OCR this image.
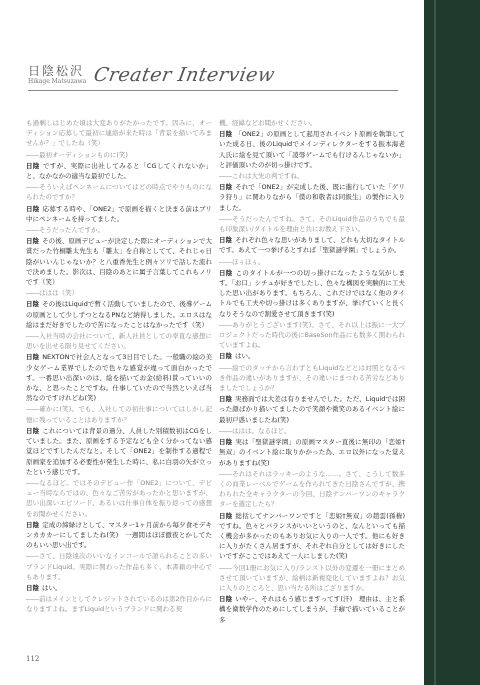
日陰松沢
Hikage Matsuzawa Creater Interview

も過剰しはじめた頃は大変ありがたかったです。因みに、オーディション応募して最初に連絡が来た時は「背景を描いてみませんか？」でしたね（笑）

――最初オーディションものに(笑)

日陰 ですが、実際に出社してみると「CGしてくれないか」と、なかなかの適当な最初でした。

――そういえばペンネームについてはどの時点でやりものになられたのですか？

日陰 応募する時や、「ONE2」で原画を描くと決まる前はブリ中にペンネームを持ってました。

――そうだったんですか。

日陰 その後、原画デビューが決定した際にオーディションで大賞だった竹桐雛太先生も「雛太」を自称としてて、それじゃ日陰がいいんじゃないか？と八重香先生と例々ソリで話した流れで決めました。影次は、目陰のあとに属子言葉してこれもノリです（笑）

――ははは（笑）

日陰 その後はLiquidで暫く活動していましたので、後導ゲームの原画として少しずつとなるPNなど納得しました。エロスはな絵はまだ好きでしたので苦になったことはなかったです（笑）

――入社当時の会社について、新人社員としての率直な感想に思いを出せる限り見せてください。

日陰 NEXTONで社会人となって3日目でした。一般職の絵の美少女ゲーム業界でしたので色々な感覚が違って面白かったです。一番思い出深いのは、絵を描いてお金(給料)貰っていいのかな、と思ったことですね。仕事していたので当然といえば当然なのですけれどね(笑)

――確かに(笑)。でも、入社しての初仕事についてはしかし記憶に残っていることはありますか？

日陰 これについては背景の過分、人員した別積数初はCGをしていました。また、原画をする予定なども全く分かってない感覚ほどですしたんだなと。そして「ONE2」を制作する過程で原画家を追加する必要性が発生した時に、私に白羽の矢が立ったという感じです。

――なるほど。ではそのデビュー作「ONE2」について、デビュー当時ならではの、色々なご苦労があったかと思いますが、思い出深いエピソード、あるいは仕事自体を振り返っての感想をお聞かせください。

日陰 定成の締緑けとして、マスター1ヶ月前から毎夕食モデキンカカカーにしてましたね(笑)　一週間はほぼ徹夜とかしてたのもいい思い出です。

――さて、日陰達次のいいなインコールで語られることの多いブランドLiquid。実際に関わった作品も多く、本書籍の中心でもあります。

日陰 はい。

――前はメインとしてクレジットされているのは第2作目からになりますよね。まずLiquidというブランドに関わる契

機、経緯などお聞かせください。

日陰 「ONE2」の原画として起用されイベント原画を執筆していた成る日、後のLiquidでメインディレクターをする振本海老人氏に絵を見て頂いて「凌辱ゲームでも行けるんじゃないか」と評価頂いたのが切っ掛けです。

――これは大先の判ですね。

日陰 それで「ONE2」が完成した後、既に進行していた「ゲリラ狩り」に関わりながら「僕の和敬者は同級生」の製作に入りました。

――そうだったんですね。さて、そのLiquid作品のうちでも最も印象深い/タイトルを理由と共にお教え下さい。

日陰 それぞれ色々な思いがありまして、どれも大切なタイトルです。あえて一つ挙げるとすれば「聖獄謎学園」でしょうか。

――ほぅほぅ。

日陰 このタイトルが一つの切っ掛けになったような気がします。「お口」シチュが好きでしたし、色々な構図を実験的に工夫した思い出があります。もちろん、これだけではなく他のタイトルでも工夫や切っ掛けは多くありますが、挙げていくと長くなりそうなので割愛させて頂きます(笑)

――ありがとうございます(笑)。さて、それ以上は振に一大プロジェクトだった時代の後にBaseSon作品にも数多く関わられていますよね。

日陰 はい。

――絵でのタッチから言わずともLiquidなどとは対照となるべき作品の違いがありますが、その違いにまつわる苦労などありましたでしょうか？

日陰 実務面では大差は有りませんでした。ただ、Liquidでは困った顔ばかり描いてましたので笑顔や微笑のあるイベント絵に最初戸惑いましたね(笑)

――ははは。なるほど。

日陰 実は「聖獄謎学園」の原画マスター直後に無印の「恋姫†無双」のイベント絵に取りかかった為、エロ以外になった覚えがありますね(笑)

――それはそれはラッキーのような……。さて、こうして数多くの商業レーベルでゲームを作られてきた日陰さんですが、携わられた全キャラクターの今回、日陰ナンバーワンのキャラクターを選定したら？

日陰 総括してナンバーワンですと「恋姫†無双」の趙雲(孫権)ですね。色々とバランスがいいというのと、なんといっても描く機会が多かったのもありお気に入りの一人です。他にも好きに入りがたくさん居ますが、それぞれ自分としては好きにしたいですがここではあえて一人にしました(笑)

――今回1冊にお気に入り/ランスト以外の変遷を一冊にまとめさせて頂いていますが、絵柄は新複変化していますよね？お気に入りのところと、思い当たる所はござりますか。

日陰 いやー、それはもう感じますってす(汗)　理由は、主と系構を衛数学作のためにしてしまうが、手癖で描いていることが多

112
